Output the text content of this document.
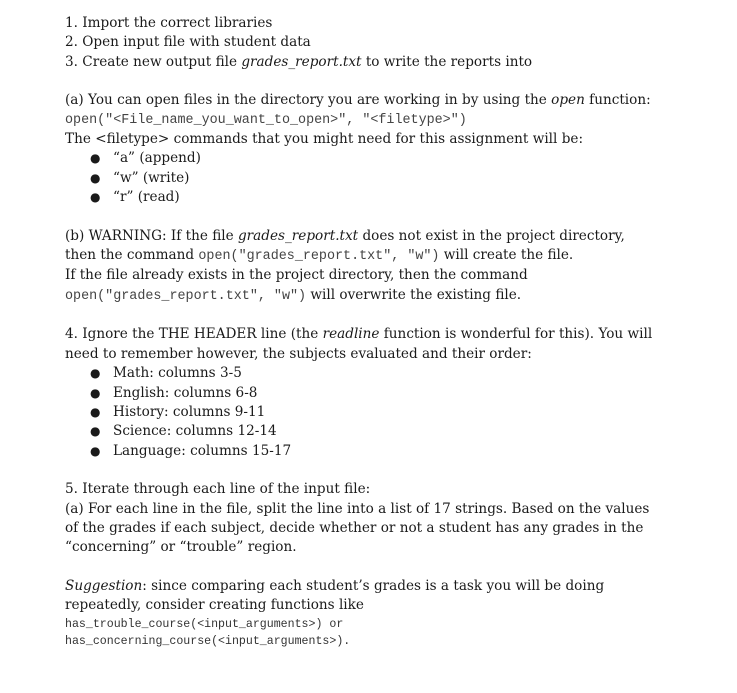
1. Import the correct libraries
2. Open input file with student data
3. Create new output file grades_report.txt to write the reports into
(a) You can open files in the directory you are working in by using the open function:
open("<File_name_you_want_to_open>", "<filetype>")
The <filetype> commands that you might need for this assignment will be:
● “a” (append)
● “w” (write)
● “r” (read)
(b) WARNING: If the file grades_report.txt does not exist in the project directory,
then the command open("grades_report.txt", "w") will create the file.
If the file already exists in the project directory, then the command
open("grades_report.txt", "w") will overwrite the existing file.
4. Ignore the THE HEADER line (the readline function is wonderful for this). You will
need to remember however, the subjects evaluated and their order:
● Math: columns 3-5
● English: columns 6-8
● History: columns 9-11
● Science: columns 12-14
● Language: columns 15-17
5. Iterate through each line of the input file:
(a) For each line in the file, split the line into a list of 17 strings. Based on the values
of the grades if each subject, decide whether or not a student has any grades in the
“concerning” or “trouble” region.
Suggestion: since comparing each student’s grades is a task you will be doing
repeatedly, consider creating functions like
has_trouble_course(<input_arguments>) or
has_concerning_course(<input_arguments>).
